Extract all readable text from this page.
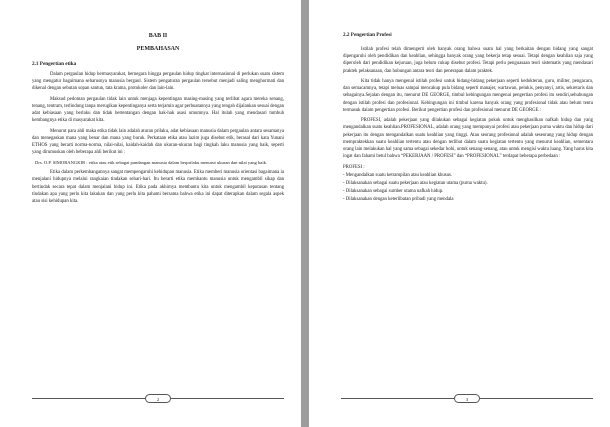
BAB II

PEMBAHASAN

2.1 Pengertian etika

Dalam pergaulan hidup bermasyarakat, bernegara hingga pergaulan hidup tingkat internasional di perlukan suatu sistem yang mengatur bagaimana seharusnya manusia bergaul. Sistem pengaturan pergaulan tersebut menjadi saling menghormati dan dikenal dengan sebutan sopan santun, tata krama, protokoler dan lain-lain.

Maksud pedoman pergaulan tidak lain untuk menjaga kepentingan masing-masing yang terlibat agara mereka senang, tenang, tentram, terlindung tanpa merugikan kepentinganya serta terjamin agar perbuatannya yang tengah dijalankan sesuai dengan adat kebiasaan yang berlaku dan tidak bertentangan dengan hak-hak asasi umumnya. Hal itulah yang mendasari tumbuh kembangnya etika di masyarakat kita.

Menurut para ahli maka etika tidak lain adalah aturan prilaku, adat kebiasaan manusia dalam pergaulan antara sesamanya dan menegaskan mana yang benar dan mana yang buruk. Perkataan etika atau lazim juga disebut etik, berasal dari kata Yunani ETHOS yang berarti norma-norma, nilai-nilai, kaidah-kaidah dan ukuran-ukuran bagi tingkah laku manusia yang baik, seperti yang dirumuskan oleh beberapa ahli berikut ini :

Drs. O.P. SIMORANGKIR : etika atau etik sebagai pandangan manusia dalam berprilaku menurut ukuran dan nilai yang baik.

Etika dalam perkembangannya sangat mempengaruhi kehidupan manusia. Etika memberi manusia orientasi bagaimana ia menjalani hidupnya melalui rangkaian tindakan sehari-hari. Itu berarti etika membantu manusia untuk mengambil sikap dan bertindak secara tepat dalam menjalani hidup ini. Etika pada akhirnya membantu kita untuk mengambil keputusan tentang tindakan apa yang perlu kita lakukan dan yang perlu kita pahami bersama bahwa etika ini dapat diterapkan dalam segala aspek atau sisi kehidupan kita.

2
2.2 Pengertian Profesi

Istilah profesi telah dimengerti oleh banyak orang bahwa suatu hal yang berkaitan dengan bidang yang sangat dipengaruhi oleh pendidikan dan keahlian, sehingga banyak orang yang bekerja tetap sesuai. Tetapi dengan keahlian saja yang diperoleh dari pendidikan kejuruan, juga belum cukup disebut profesi. Tetapi perlu penguasaan teori sistematis yang mendasari praktek pelaksanaan, dan hubungan antara teori dan penerapan dalam praktek.

Kita tidak hanya mengenal istilah profesi untuk bidang-bidang pekerjaan seperti kedokteran, guru, militer, pengacara, dan semacamnya, tetapi meluas sampai mencakup pula bidang seperti manajer, wartawan, pelukis, penyanyi, artis, sekretaris dan sebagainya.Sejalan dengan itu, menurut DE GEORGE, timbul kebingungan mengenai pengertian profesi itu sendiri,sehubungan dengan istilah profesi dan profesional. Kebingungan ini timbul karena banyak orang yang profesional tidak atau belum tentu termasuk dalam pengertian profesi. Berikut pengertian profesi dan profesional menurut DE GEORGE :

PROFESI, adalah pekerjaan yang dilakukan sebagai kegiatan pokok untuk menghasilkan nafkah hidup dan yang mengandalkan suatu keahlian.PROFESIONAL, adalah orang yang mempunyai profesi atau pekerjaan purna waktu dan hidup dari pekerjaan itu dengan mengandalkan suatu keahlian yang tinggi. Atau seorang profesional adalah seseorang yang hidup dengan mempraktekkan suatu keahlian tertentu atau dengan terlibat dalam suatu kegiatan tertentu yang menurut keahlian, sementara orang lain melakukan hal yang sama sebagai sekedar hobi, untuk senang-senang, atau untuk mengisi waktu luang. Yang harus kita ingat dan fahami betul bahwa “PEKERJAAN / PROFESI” dan “PROFESIONAL” terdapat beberapa perbedaan :

PROFESI :

- Mengandalkan suatu ketrampilan atau keahlian khusus.
- Dilaksanakan sebagai suatu pekerjaan atau kegiatan utama (purna waktu).
- Dilaksanakan sebagai sumber utama nafkah hidup.
- Dilaksanakan dengan keterlibatan pribadi yang mendala
3
